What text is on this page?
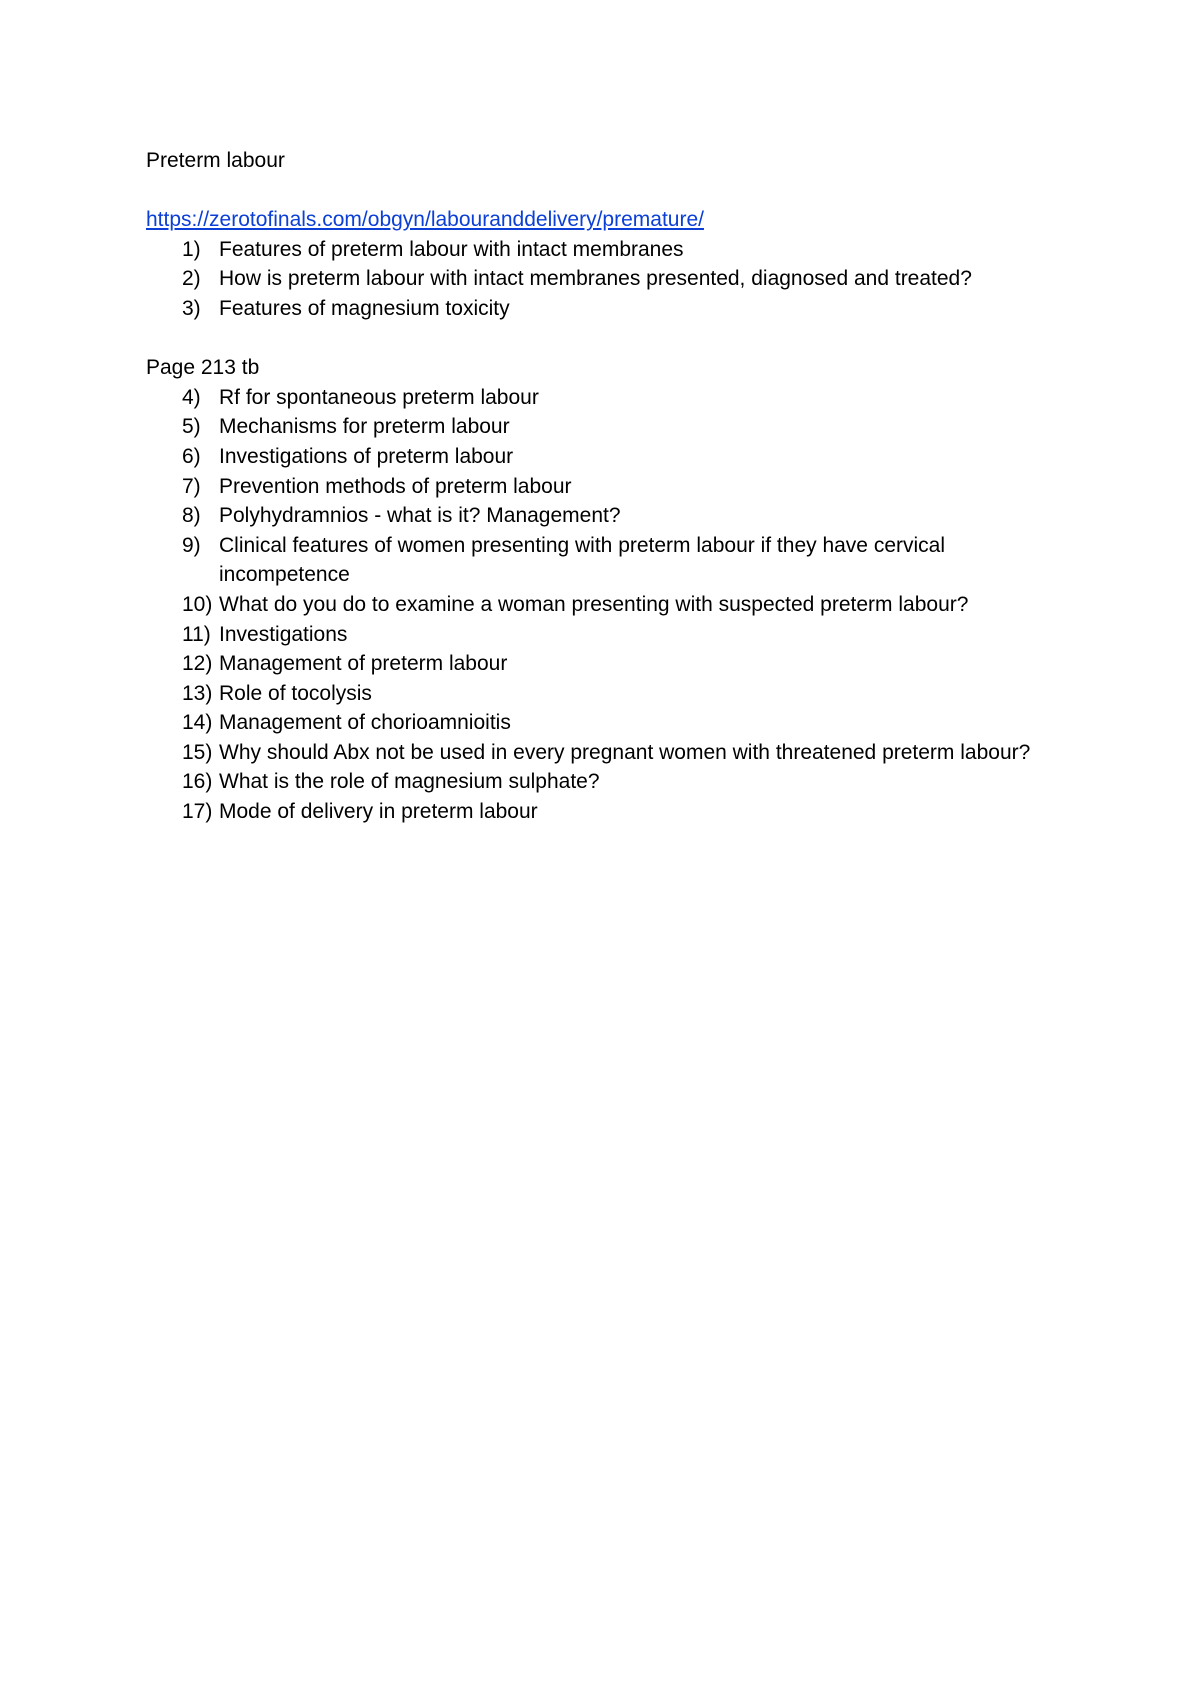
Preterm labour

https://zerotofinals.com/obgyn/labouranddelivery/premature/
1) Features of preterm labour with intact membranes
2) How is preterm labour with intact membranes presented, diagnosed and treated?
3) Features of magnesium toxicity

Page 213 tb

4) Rf for spontaneous preterm labour
5) Mechanisms for preterm labour
6) Investigations of preterm labour
7) Prevention methods of preterm labour
8) Polyhydramnios - what is it? Management?
9) Clinical features of women presenting with preterm labour if they have cervical incompetence
10) What do you do to examine a woman presenting with suspected preterm labour?
11) Investigations
12) Management of preterm labour
13) Role of tocolysis
14) Management of chorioamnioitis
15) Why should Abx not be used in every pregnant women with threatened preterm labour?
16) What is the role of magnesium sulphate?
17) Mode of delivery in preterm labour
